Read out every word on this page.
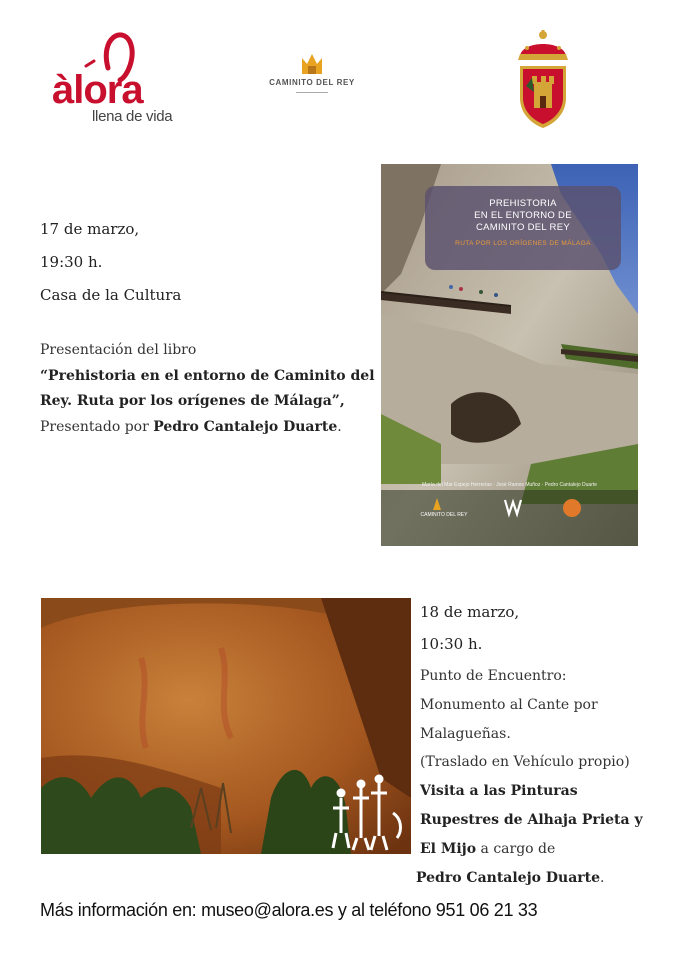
àlora
llena de vida
CAMINITO DEL REY
17 de marzo,
19:30 h.
Casa de la Cultura
Presentación del libro
“Prehistoria en el entorno de Caminito del Rey. Ruta por los orígenes de Málaga”,
Presentado por Pedro Cantalejo Duarte.
PREHISTORIA
EN EL ENTORNO DE
CAMINITO DEL REY
RUTA POR LOS ORÍGENES DE MÁLAGA
CAMINITO DEL REY
María del Mar Espejo Herrerías · José Ramos Muñoz · Pedro Cantalejo Duarte
18 de marzo,
10:30 h.
Punto de Encuentro:
Monumento al Cante por
Malagueñas.
(Traslado en Vehículo propio)
Visita a las Pinturas
Rupestres de Alhaja Prieta y
El Mijo a cargo de
Pedro Cantalejo Duarte.
Más información en: museo@alora.es y al teléfono 951 06 21 33
